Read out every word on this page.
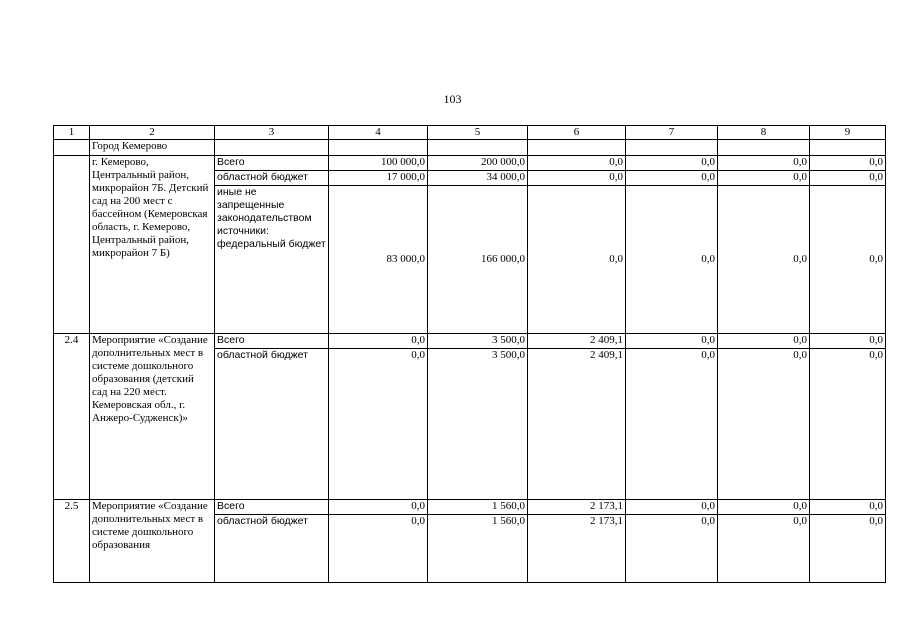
103
1	2	3	4	5	6	7	8	9
	Город Кемерово							
	г. Кемерово, Центральный район, микрорайон 7Б. Детский сад на 200 мест с бассейном (Кемеровская область, г. Кемерово, Центральный район, микрорайон 7 Б)	Всего	100 000,0	200 000,0	0,0	0,0	0,0	0,0
		областной бюджет	17 000,0	34 000,0	0,0	0,0	0,0	0,0
		иные не запрещенные законодательством источники: федеральный бюджет	83 000,0	166 000,0	0,0	0,0	0,0	0,0
2.4	Мероприятие «Создание дополнительных мест в системе дошкольного образования (детский сад на 220 мест. Кемеровская обл., г. Анжеро-Судженск)»	Всего	0,0	3 500,0	2 409,1	0,0	0,0	0,0
		областной бюджет	0,0	3 500,0	2 409,1	0,0	0,0	0,0
2.5	Мероприятие «Создание дополнительных мест в системе дошкольного образования	Всего	0,0	1 560,0	2 173,1	0,0	0,0	0,0
		областной бюджет	0,0	1 560,0	2 173,1	0,0	0,0	0,0
